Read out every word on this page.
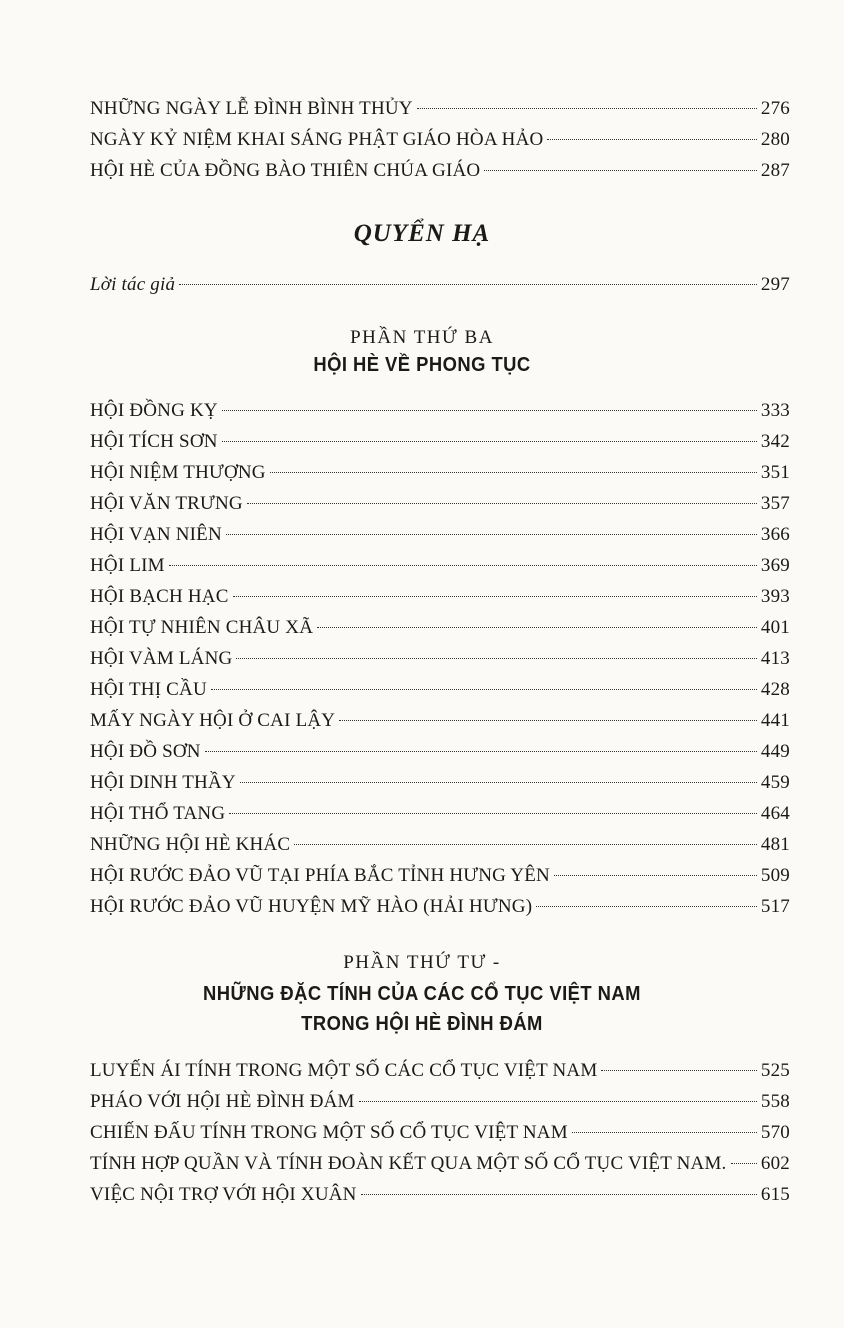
NHỮNG NGÀY LỄ ĐÌNH BÌNH THỦY	276
NGÀY KỶ NIỆM KHAI SÁNG PHẬT GIÁO HÒA HẢO	280
HỘI HÈ CỦA ĐỒNG BÀO THIÊN CHÚA GIÁO	287
QUYỂN HẠ
Lời tác giả	297
PHẦN THỨ BA
HỘI HÈ VỀ PHONG TỤC
HỘI ĐỒNG KỴ	333
HỘI TÍCH SƠN	342
HỘI NIỆM THƯỢNG	351
HỘI VĂN TRƯNG	357
HỘI VẠN NIÊN	366
HỘI LIM	369
HỘI BẠCH HẠC	393
HỘI TỰ NHIÊN CHÂU XÃ	401
HỘI VÀM LÁNG	413
HỘI THỊ CẦU	428
MẤY NGÀY HỘI Ở CAI LẬY	441
HỘI ĐỒ SƠN	449
HỘI DINH THẦY	459
HỘI THỔ TANG	464
NHỮNG HỘI HÈ KHÁC	481
HỘI RƯỚC ĐẢO VŨ TẠI PHÍA BẮC TỈNH HƯNG YÊN	509
HỘI RƯỚC ĐẢO VŨ HUYỆN MỸ HÀO (HẢI HƯNG)	517
PHẦN THỨ TƯ -
NHỮNG ĐẶC TÍNH CỦA CÁC CỔ TỤC VIỆT NAM
TRONG HỘI HÈ ĐÌNH ĐÁM
LUYẾN ÁI TÍNH TRONG MỘT SỐ CÁC CỔ TỤC VIỆT NAM	525
PHÁO VỚI HỘI HÈ ĐÌNH ĐÁM	558
CHIẾN ĐẤU TÍNH TRONG MỘT SỐ CỔ TỤC VIỆT NAM	570
TÍNH HỢP QUẦN VÀ TÍNH ĐOÀN KẾT QUA MỘT SỐ CỔ TỤC VIỆT NAM. 602
VIỆC NỘI TRỢ VỚI HỘI XUÂN	615
